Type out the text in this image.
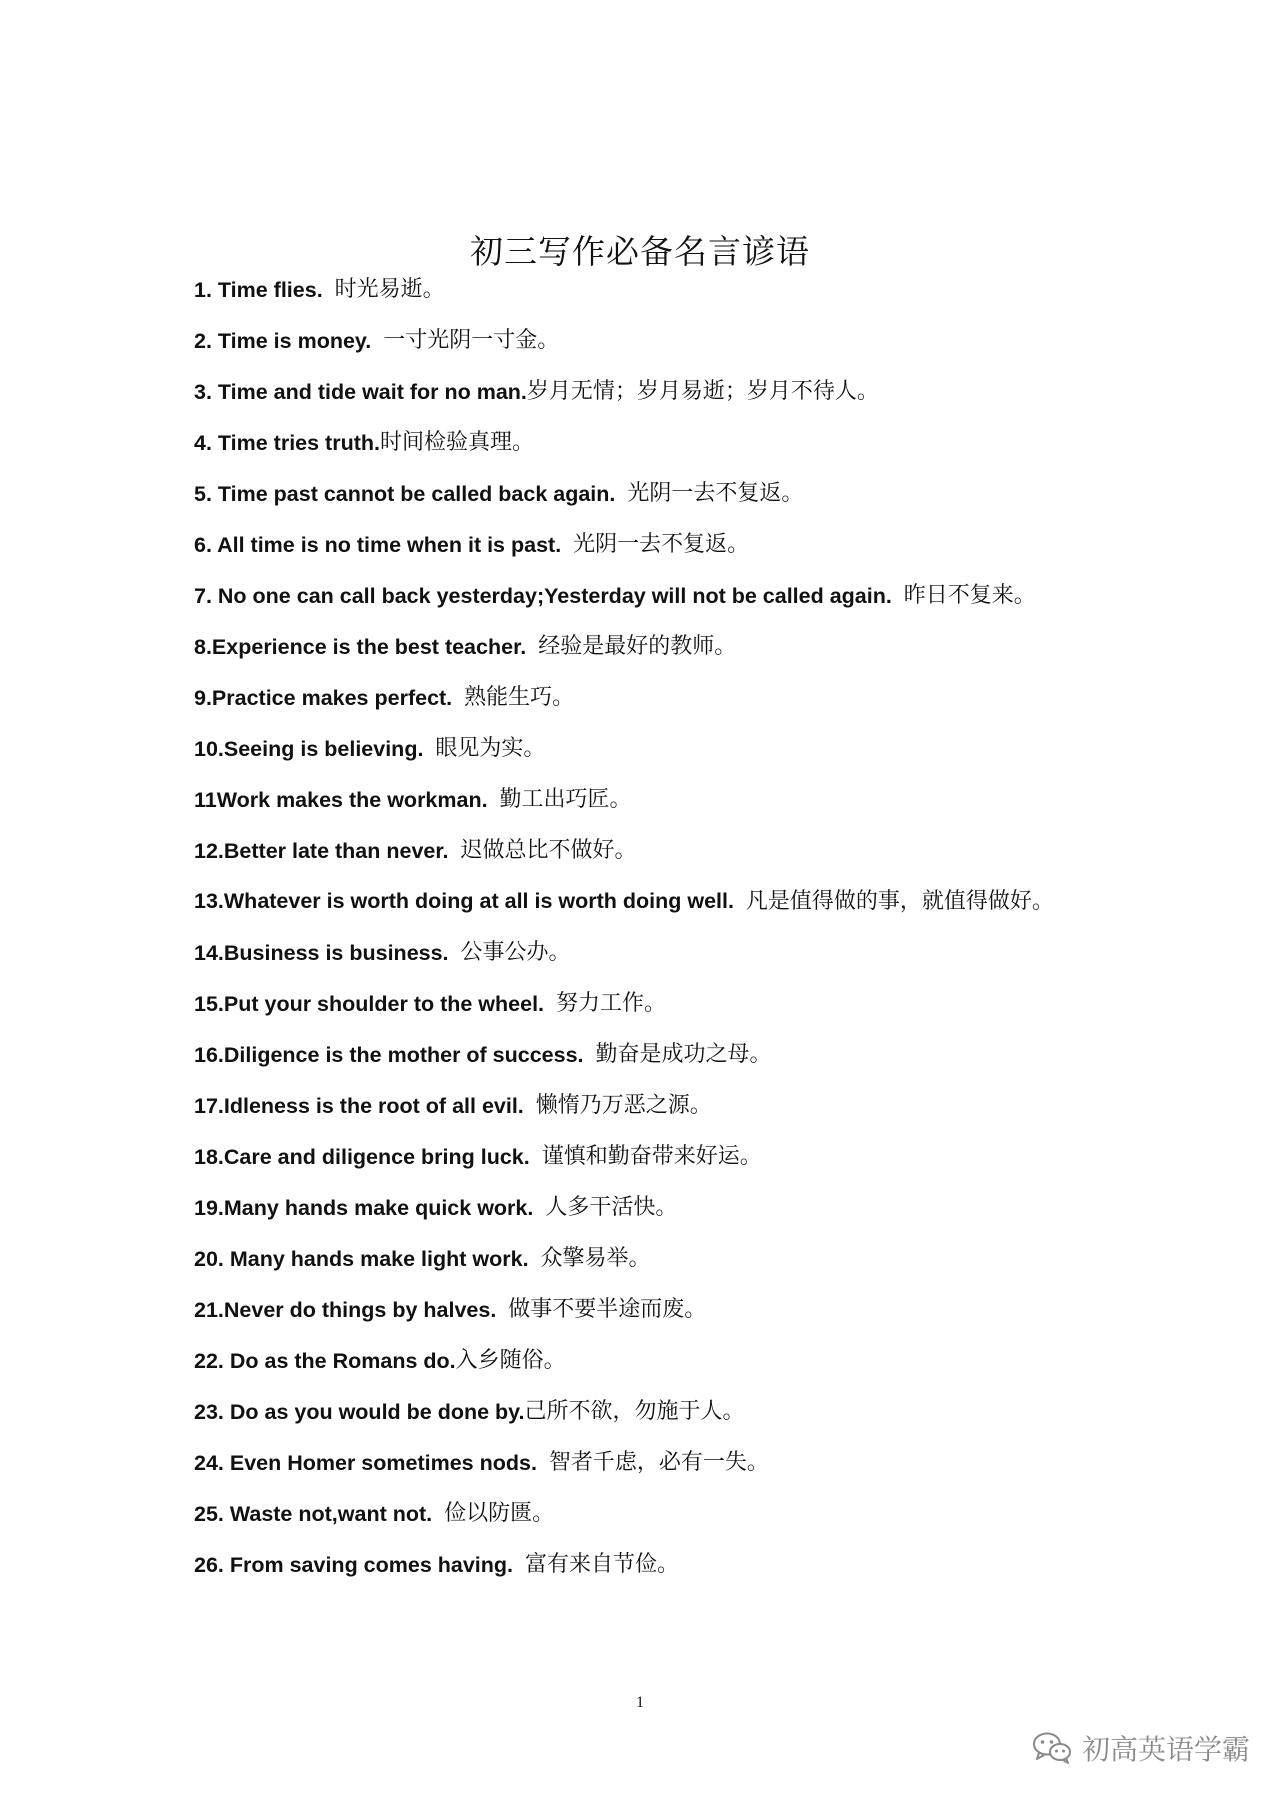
初三写作必备名言谚语
1. Time flies.
时光易逝。
2. Time is money.
一寸光阴一寸金。
3. Time and tide wait for no man. 岁月无情；岁月易逝；岁月不待人。
4. Time tries truth. 时间检验真理。
5. Time past cannot be called back again.
光阴一去不复返。
6. All time is no time when it is past.
光阴一去不复返。
7. No one can call back yesterday;Yesterday will not be called again.
昨日不复来。
8.Experience is the best teacher.
经验是最好的教师。
9.Practice makes perfect.
熟能生巧。
10.Seeing is believing.
眼见为实。
11Work makes the workman.
勤工出巧匠。
12.Better late than never.
迟做总比不做好。
13.Whatever is worth doing at all is worth doing well. 凡是值得做的事，就值得做好。
14.Business is business.
公事公办。
15.Put your shoulder to the wheel.
努力工作。
16.Diligence is the mother of success.
勤奋是成功之母。
17.Idleness is the root of all evil.
懒惰乃万恶之源。
18.Care and diligence bring luck.
谨慎和勤奋带来好运。
19.Many hands make quick work.
人多干活快。
20. Many hands make light work.
众擎易举。
21.Never do things by halves.
做事不要半途而废。
22. Do as the Romans do. 入乡随俗。
23. Do as you would be done by. 己所不欲，勿施于人。
24. Even Homer sometimes nods.
智者千虑，必有一失。
25. Waste not,want not.
俭以防匮。
26. From saving comes having.
富有来自节俭。
1
初高英语学霸
